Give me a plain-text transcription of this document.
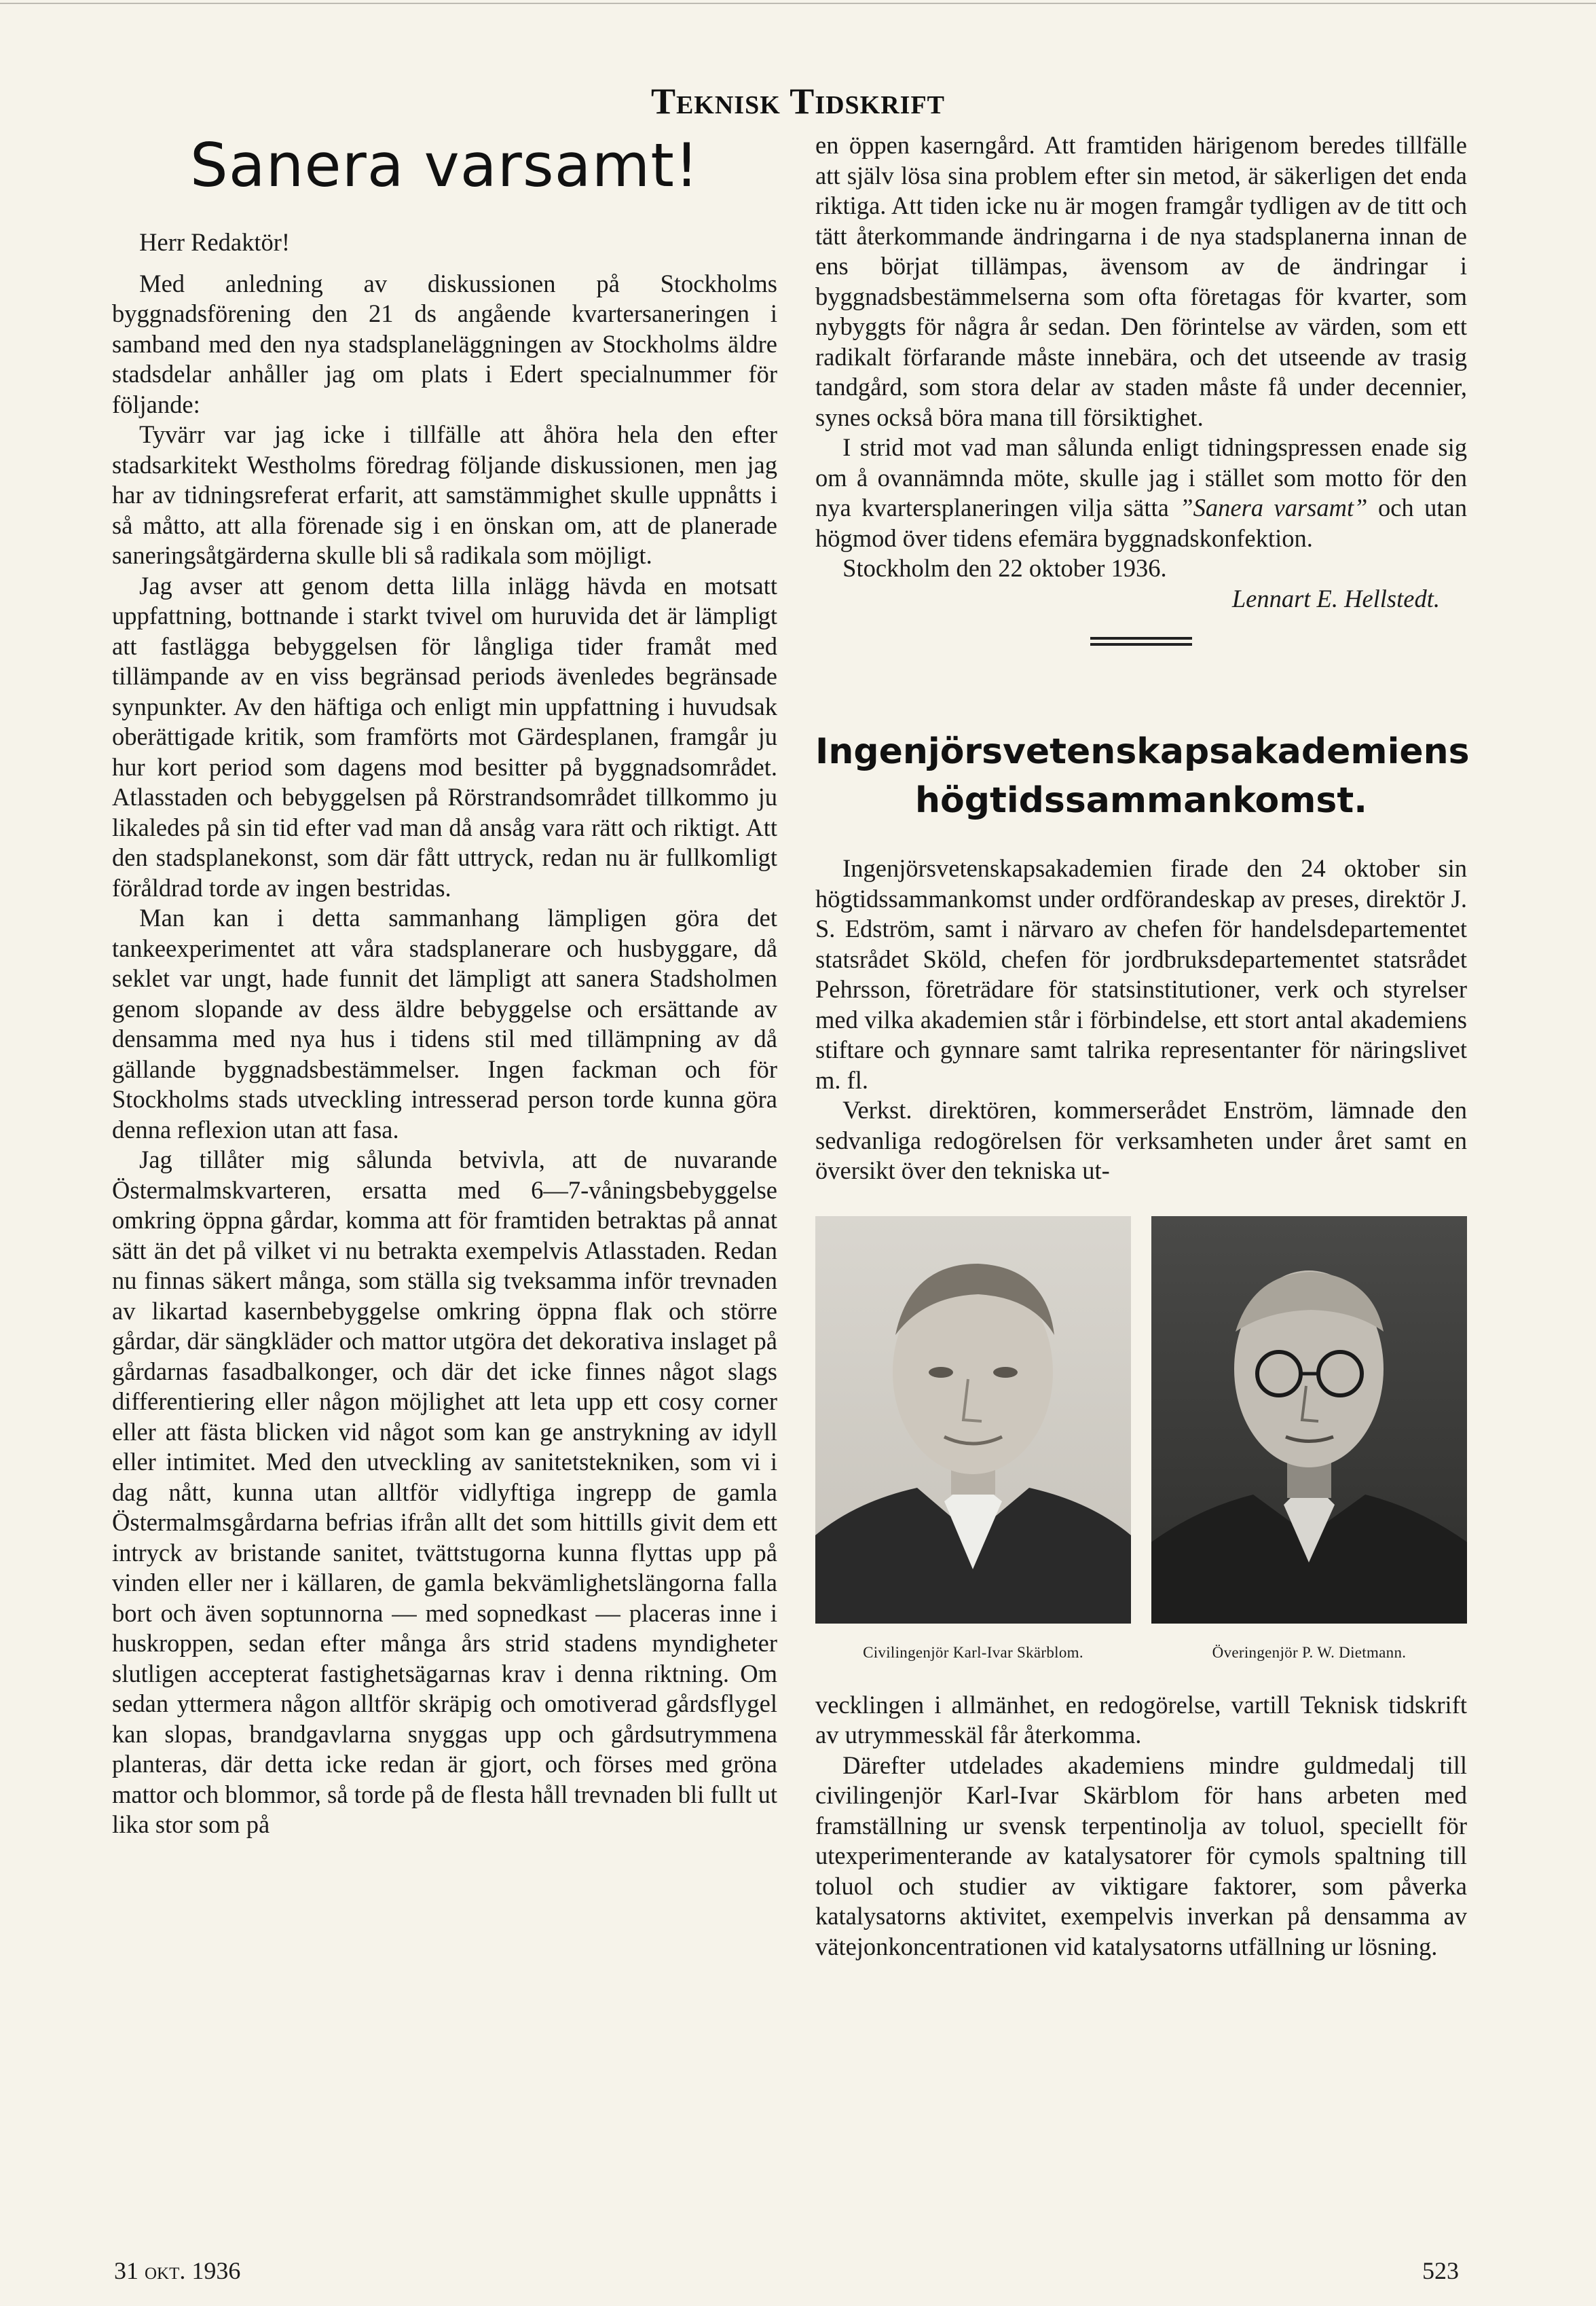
Teknisk Tidskrift
Sanera varsamt!

Herr Redaktör!

Med anledning av diskussionen på Stockholms byggnadsförening den 21 ds angående kvartersaneringen i samband med den nya stadsplaneläggningen av Stockholms äldre stadsdelar anhåller jag om plats i Edert specialnummer för följande:

Tyvärr var jag icke i tillfälle att åhöra hela den efter stadsarkitekt Westholms föredrag följande diskussionen, men jag har av tidningsreferat erfarit, att samstämmighet skulle uppnåtts i så måtto, att alla förenade sig i en önskan om, att de planerade saneringsåtgärderna skulle bli så radikala som möjligt.

Jag avser att genom detta lilla inlägg hävda en motsatt uppfattning, bottnande i starkt tvivel om huruvida det är lämpligt att fastlägga bebyggelsen för långliga tider framåt med tillämpande av en viss begränsad periods ävenledes begränsade synpunkter. Av den häftiga och enligt min uppfattning i huvudsak oberättigade kritik, som framförts mot Gärdesplanen, framgår ju hur kort period som dagens mod besitter på byggnadsområdet. Atlasstaden och bebyggelsen på Rörstrandsområdet tillkommo ju likaledes på sin tid efter vad man då ansåg vara rätt och riktigt. Att den stadsplanekonst, som där fått uttryck, redan nu är fullkomligt föråldrad torde av ingen bestridas.

Man kan i detta sammanhang lämpligen göra det tankeexperimentet att våra stadsplanerare och husbyggare, då seklet var ungt, hade funnit det lämpligt att sanera Stadsholmen genom slopande av dess äldre bebyggelse och ersättande av densamma med nya hus i tidens stil med tillämpning av då gällande byggnadsbestämmelser. Ingen fackman och för Stockholms stads utveckling intresserad person torde kunna göra denna reflexion utan att fasa.

Jag tillåter mig sålunda betvivla, att de nuvarande Östermalmskvarteren, ersatta med 6—7-våningsbebyggelse omkring öppna gårdar, komma att för framtiden betraktas på annat sätt än det på vilket vi nu betrakta exempelvis Atlasstaden. Redan nu finnas säkert många, som ställa sig tveksamma inför trevnaden av likartad kasernbebyggelse omkring öppna flak och större gårdar, där sängkläder och mattor utgöra det dekorativa inslaget på gårdarnas fasadbalkonger, och där det icke finnes något slags differentiering eller någon möjlighet att leta upp ett cosy corner eller att fästa blicken vid något som kan ge anstrykning av idyll eller intimitet. Med den utveckling av sanitetstekniken, som vi i dag nått, kunna utan alltför vidlyftiga ingrepp de gamla Östermalmsgårdarna befrias ifrån allt det som hittills givit dem ett intryck av bristande sanitet, tvättstugorna kunna flyttas upp på vinden eller ner i källaren, de gamla bekvämlighetslängorna falla bort och även soptunnorna — med sopnedkast — placeras inne i huskroppen, sedan efter många års strid stadens myndigheter slutligen accepterat fastighetsägarnas krav i denna riktning. Om sedan yttermera någon alltför skräpig och omotiverad gårdsflygel kan slopas, brandgavlarna snyggas upp och gårdsutrymmena planteras, där detta icke redan är gjort, och förses med gröna mattor och blommor, så torde på de flesta håll trevnaden bli fullt ut lika stor som på

en öppen kaserngård. Att framtiden härigenom beredes tillfälle att själv lösa sina problem efter sin metod, är säkerligen det enda riktiga. Att tiden icke nu är mogen framgår tydligen av de titt och tätt återkommande ändringarna i de nya stadsplanerna innan de ens börjat tillämpas, ävensom av de ändringar i byggnadsbestämmelserna som ofta företagas för kvarter, som nybyggts för några år sedan. Den förintelse av värden, som ett radikalt förfarande måste innebära, och det utseende av trasig tandgård, som stora delar av staden måste få under decennier, synes också böra mana till försiktighet.

I strid mot vad man sålunda enligt tidningspressen enade sig om å ovannämnda möte, skulle jag i stället som motto för den nya kvartersplaneringen vilja sätta ”Sanera varsamt” och utan högmod över tidens efemära byggnadskonfektion.

Stockholm den 22 oktober 1936.

Lennart E. Hellstedt.

Ingenjörsvetenskapsakademiens
högtidssammankomst.

Ingenjörsvetenskapsakademien firade den 24 oktober sin högtidssammankomst under ordförandeskap av preses, direktör J. S. Edström, samt i närvaro av chefen för handelsdepartementet statsrådet Sköld, chefen för jordbruksdepartementet statsrådet Pehrsson, företrädare för statsinstitutioner, verk och styrelser med vilka akademien står i förbindelse, ett stort antal akademiens stiftare och gynnare samt talrika representanter för näringslivet m. fl.

Verkst. direktören, kommerserådet Enström, lämnade den sedvanliga redogörelsen för verksamheten under året samt en översikt över den tekniska ut-

Civilingenjör Karl-Ivar Skärblom.	Överingenjör P. W. Dietmann.

vecklingen i allmänhet, en redogörelse, vartill Teknisk tidskrift av utrymmesskäl får återkomma.

Därefter utdelades akademiens mindre guldmedalj till civilingenjör Karl-Ivar Skärblom för hans arbeten med framställning ur svensk terpentinolja av toluol, speciellt för utexperimenterande av katalysatorer för cymols spaltning till toluol och studier av viktigare faktorer, som påverka katalysatorns aktivitet, exempelvis inverkan på densamma av vätejonkoncentrationen vid katalysatorns utfällning ur lösning.

31 okt. 1936	523
